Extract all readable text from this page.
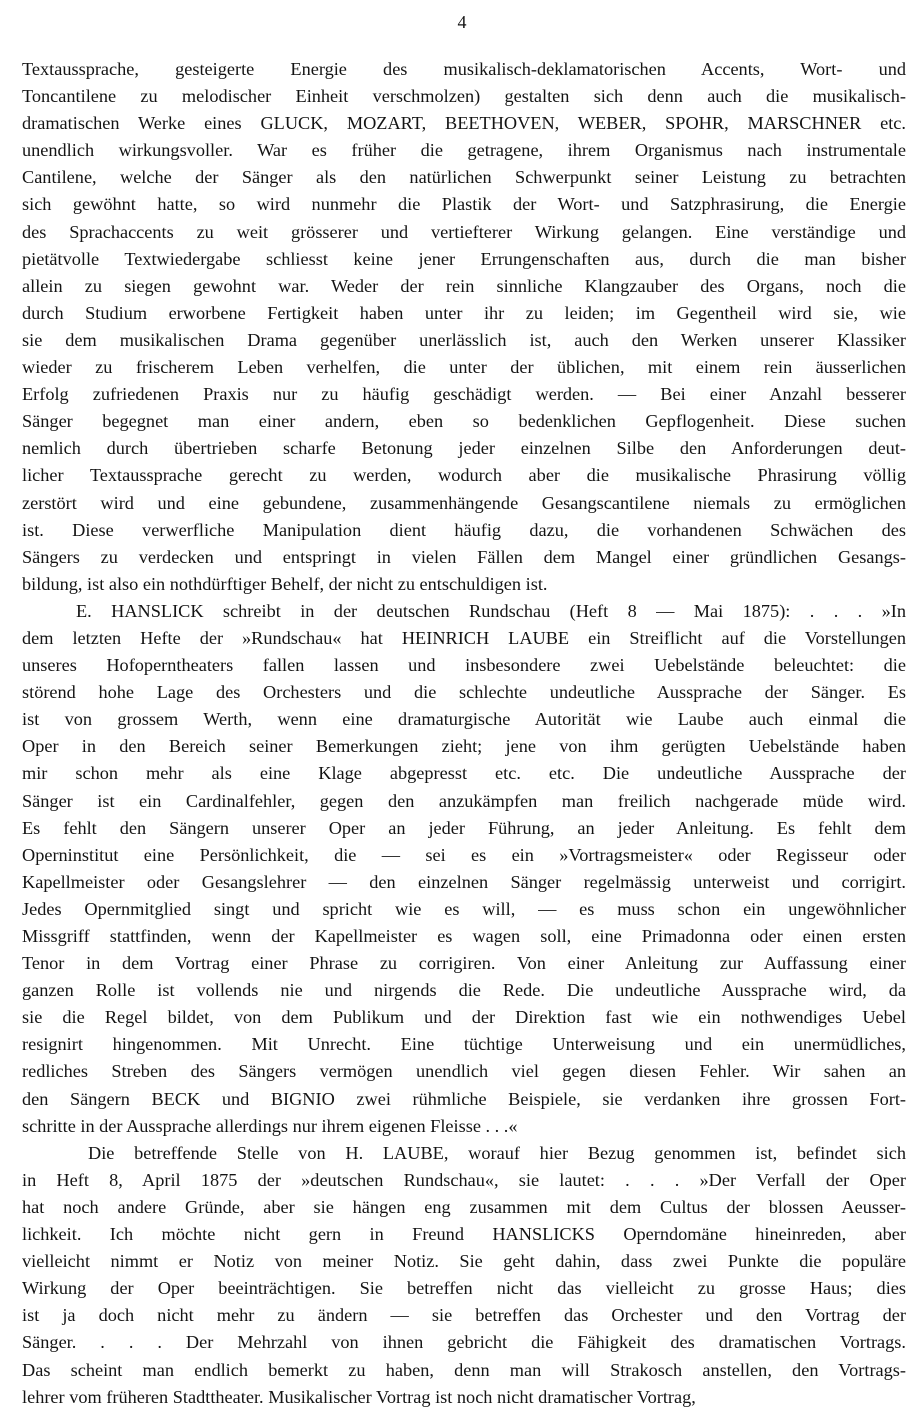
4
Textaussprache, gesteigerte Energie des musikalisch-deklamatorischen Accents, Wort- und
Toncantilene zu melodischer Einheit verschmolzen) gestalten sich denn auch die musikalisch-
dramatischen Werke eines GLUCK, MOZART, BEETHOVEN, WEBER, SPOHR, MARSCHNER etc.
unendlich wirkungsvoller. War es früher die getragene, ihrem Organismus nach instrumentale
Cantilene, welche der Sänger als den natürlichen Schwerpunkt seiner Leistung zu betrachten
sich gewöhnt hatte, so wird nunmehr die Plastik der Wort- und Satzphrasirung, die Energie
des Sprachaccents zu weit grösserer und vertiefterer Wirkung gelangen. Eine verständige und
pietätvolle Textwiedergabe schliesst keine jener Errungenschaften aus, durch die man bisher
allein zu siegen gewohnt war. Weder der rein sinnliche Klangzauber des Organs, noch die
durch Studium erworbene Fertigkeit haben unter ihr zu leiden; im Gegentheil wird sie, wie
sie dem musikalischen Drama gegenüber unerlässlich ist, auch den Werken unserer Klassiker
wieder zu frischerem Leben verhelfen, die unter der üblichen, mit einem rein äusserlichen
Erfolg zufriedenen Praxis nur zu häufig geschädigt werden. — Bei einer Anzahl besserer
Sänger begegnet man einer andern, eben so bedenklichen Gepflogenheit. Diese suchen
nemlich durch übertrieben scharfe Betonung jeder einzelnen Silbe den Anforderungen deut-
licher Textaussprache gerecht zu werden, wodurch aber die musikalische Phrasirung völlig
zerstört wird und eine gebundene, zusammenhängende Gesangscantilene niemals zu ermöglichen
ist. Diese verwerfliche Manipulation dient häufig dazu, die vorhandenen Schwächen des
Sängers zu verdecken und entspringt in vielen Fällen dem Mangel einer gründlichen Gesangs-
bildung, ist also ein nothdürftiger Behelf, der nicht zu entschuldigen ist.
E. HANSLICK schreibt in der deutschen Rundschau (Heft 8 — Mai 1875): . . . »In
dem letzten Hefte der »Rundschau« hat HEINRICH LAUBE ein Streiflicht auf die Vorstellungen
unseres Hofoperntheaters fallen lassen und insbesondere zwei Uebelstände beleuchtet: die
störend hohe Lage des Orchesters und die schlechte undeutliche Aussprache der Sänger. Es
ist von grossem Werth, wenn eine dramaturgische Autorität wie Laube auch einmal die
Oper in den Bereich seiner Bemerkungen zieht; jene von ihm gerügten Uebelstände haben
mir schon mehr als eine Klage abgepresst etc. etc. Die undeutliche Aussprache der
Sänger ist ein Cardinalfehler, gegen den anzukämpfen man freilich nachgerade müde wird.
Es fehlt den Sängern unserer Oper an jeder Führung, an jeder Anleitung. Es fehlt dem
Operninstitut eine Persönlichkeit, die — sei es ein »Vortragsmeister« oder Regisseur oder
Kapellmeister oder Gesangslehrer — den einzelnen Sänger regelmässig unterweist und corrigirt.
Jedes Opernmitglied singt und spricht wie es will, — es muss schon ein ungewöhnlicher
Missgriff stattfinden, wenn der Kapellmeister es wagen soll, eine Primadonna oder einen ersten
Tenor in dem Vortrag einer Phrase zu corrigiren. Von einer Anleitung zur Auffassung einer
ganzen Rolle ist vollends nie und nirgends die Rede. Die undeutliche Aussprache wird, da
sie die Regel bildet, von dem Publikum und der Direktion fast wie ein nothwendiges Uebel
resignirt hingenommen. Mit Unrecht. Eine tüchtige Unterweisung und ein unermüdliches,
redliches Streben des Sängers vermögen unendlich viel gegen diesen Fehler. Wir sahen an
den Sängern BECK und BIGNIO zwei rühmliche Beispiele, sie verdanken ihre grossen Fort-
schritte in der Aussprache allerdings nur ihrem eigenen Fleisse . . .«
Die betreffende Stelle von H. LAUBE, worauf hier Bezug genommen ist, befindet sich
in Heft 8, April 1875 der »deutschen Rundschau«, sie lautet: . . . »Der Verfall der Oper
hat noch andere Gründe, aber sie hängen eng zusammen mit dem Cultus der blossen Aeusser-
lichkeit. Ich möchte nicht gern in Freund HANSLICKS Operndomäne hineinreden, aber
vielleicht nimmt er Notiz von meiner Notiz. Sie geht dahin, dass zwei Punkte die populäre
Wirkung der Oper beeinträchtigen. Sie betreffen nicht das vielleicht zu grosse Haus; dies
ist ja doch nicht mehr zu ändern — sie betreffen das Orchester und den Vortrag der
Sänger. . . . Der Mehrzahl von ihnen gebricht die Fähigkeit des dramatischen Vortrags.
Das scheint man endlich bemerkt zu haben, denn man will Strakosch anstellen, den Vortrags-
lehrer vom früheren Stadttheater. Musikalischer Vortrag ist noch nicht dramatischer Vortrag,
